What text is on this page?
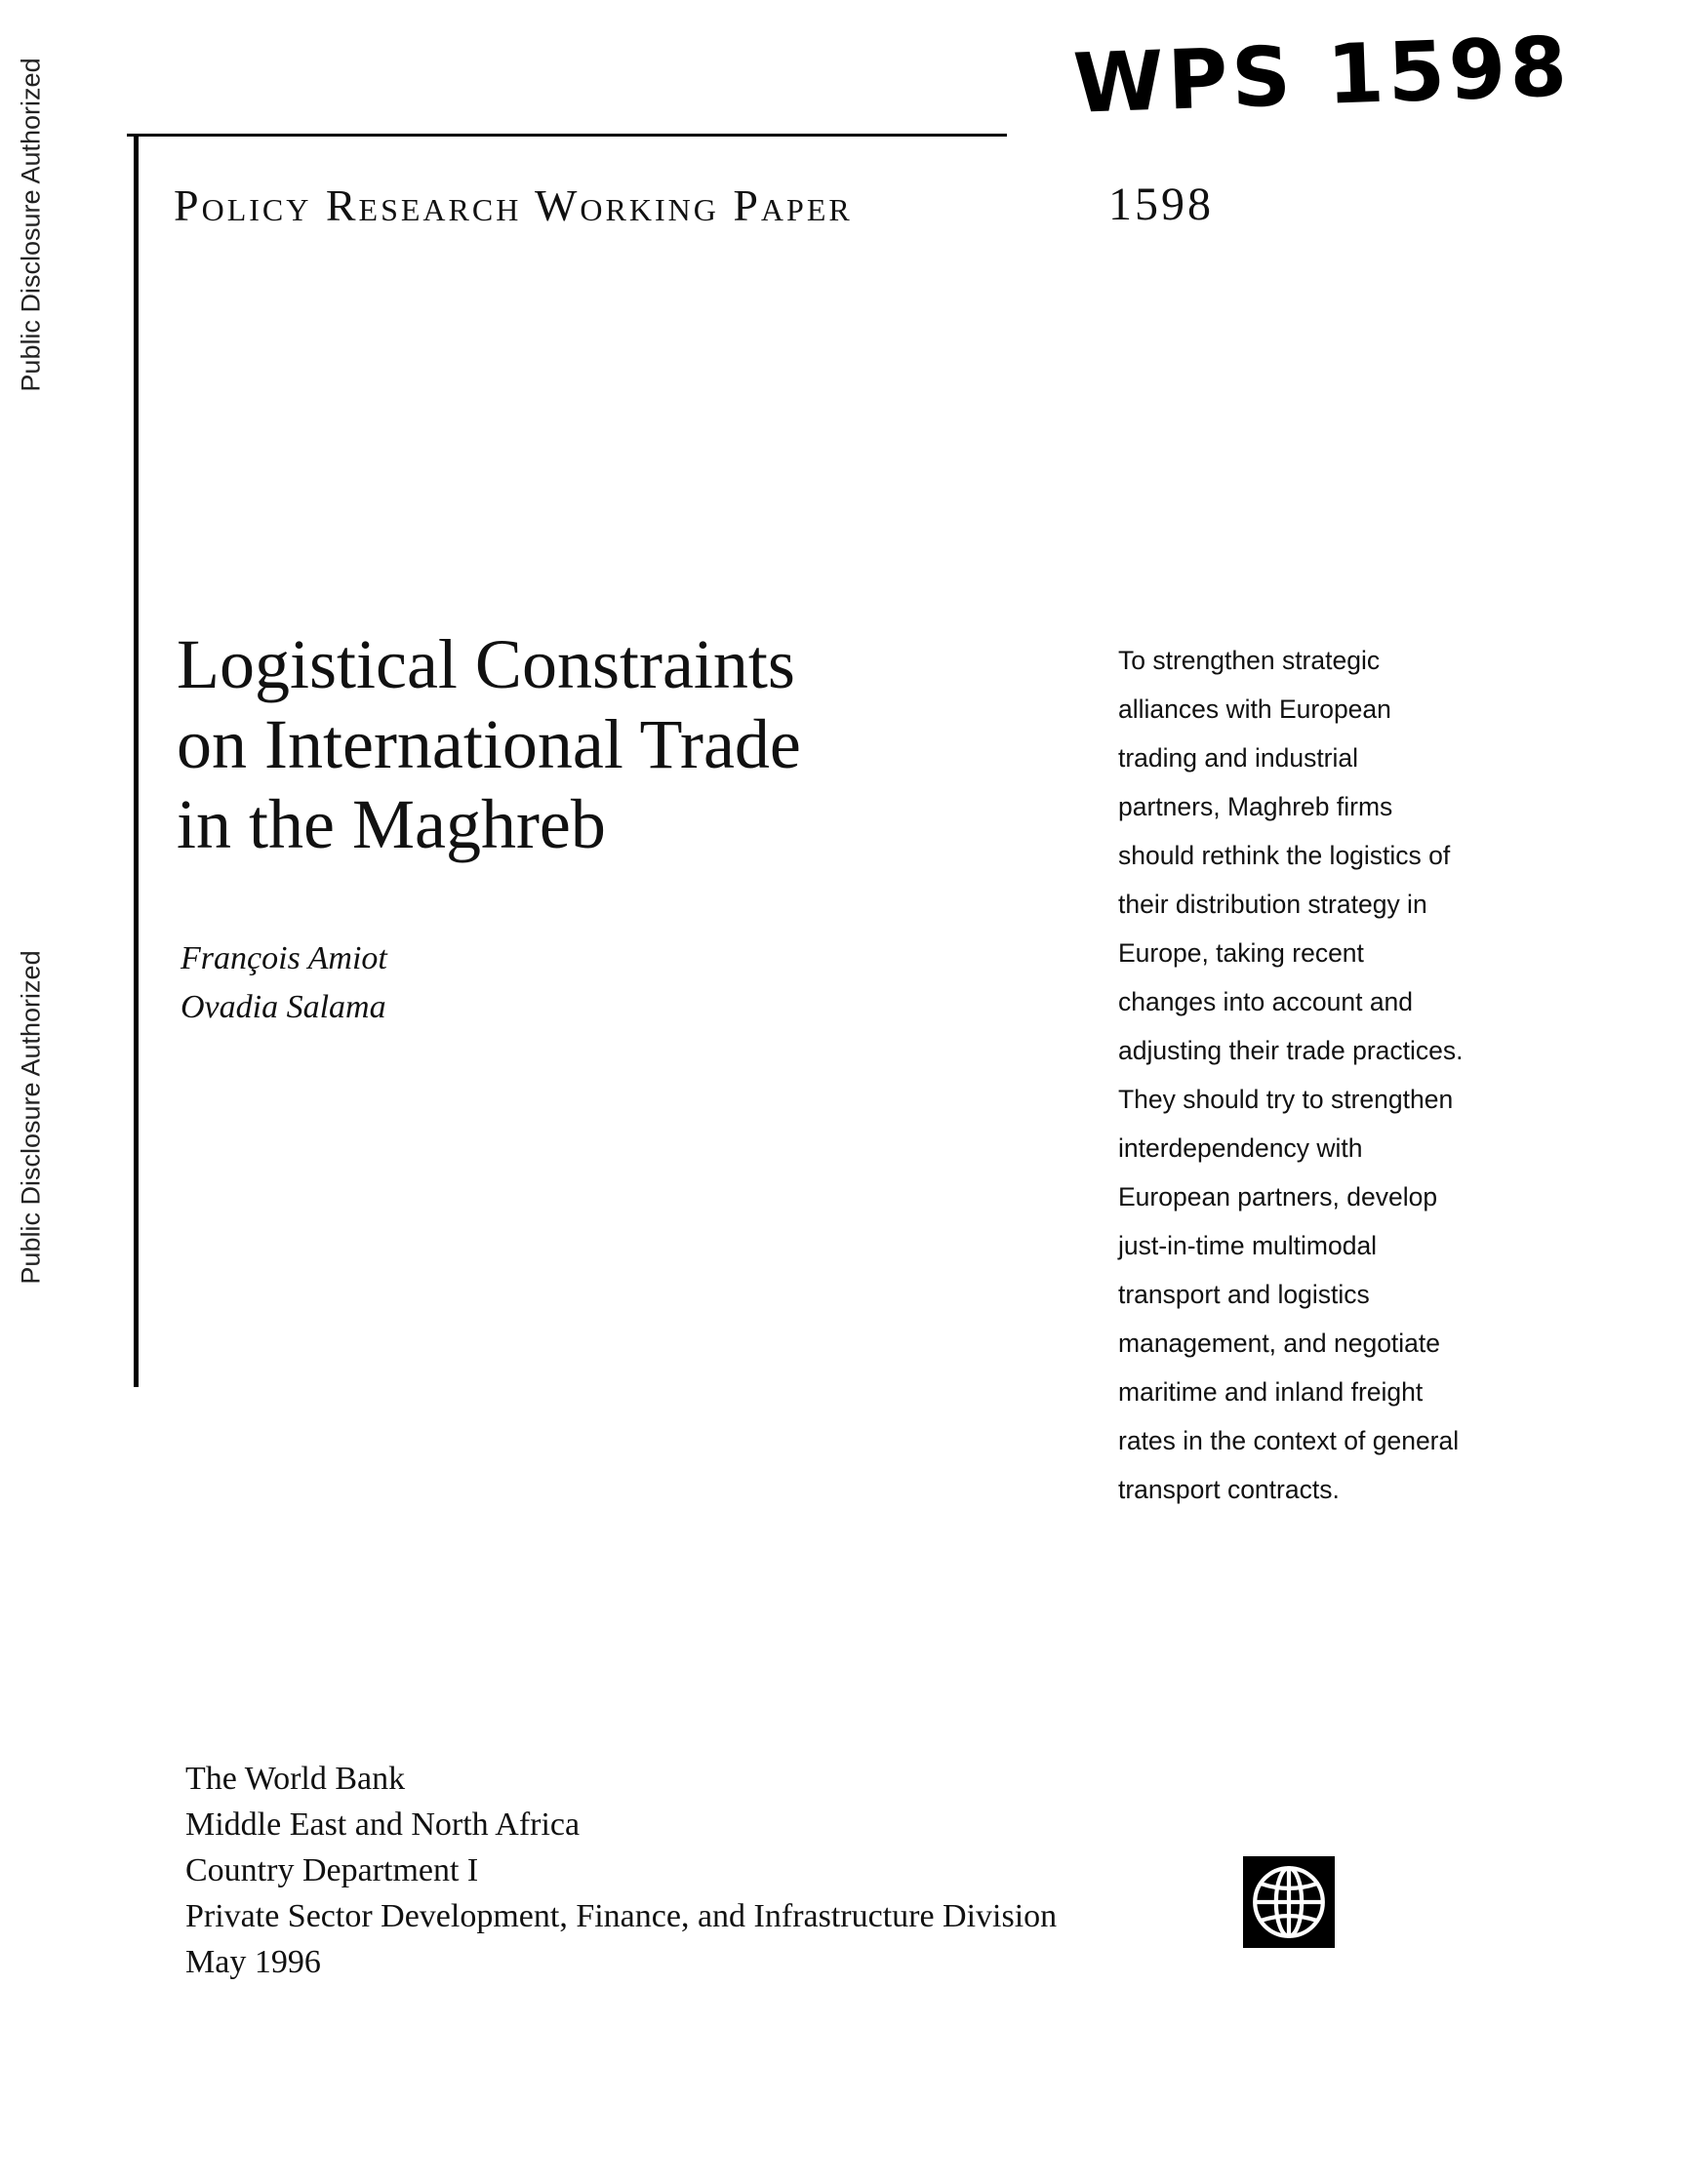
Public Disclosure Authorized
Public Disclosure Authorized
WPS 1598
Policy Research Working Paper	1598
Logistical Constraints
on International Trade
in the Maghreb
François Amiot
Ovadia Salama
To strengthen strategic
alliances with European
trading and industrial
partners, Maghreb firms
should rethink the logistics of
their distribution strategy in
Europe, taking recent
changes into account and
adjusting their trade practices.
They should try to strengthen
interdependency with
European partners, develop
just-in-time multimodal
transport and logistics
management, and negotiate
maritime and inland freight
rates in the context of general
transport contracts.
The World Bank
Middle East and North Africa
Country Department I
Private Sector Development, Finance, and Infrastructure Division
May 1996
